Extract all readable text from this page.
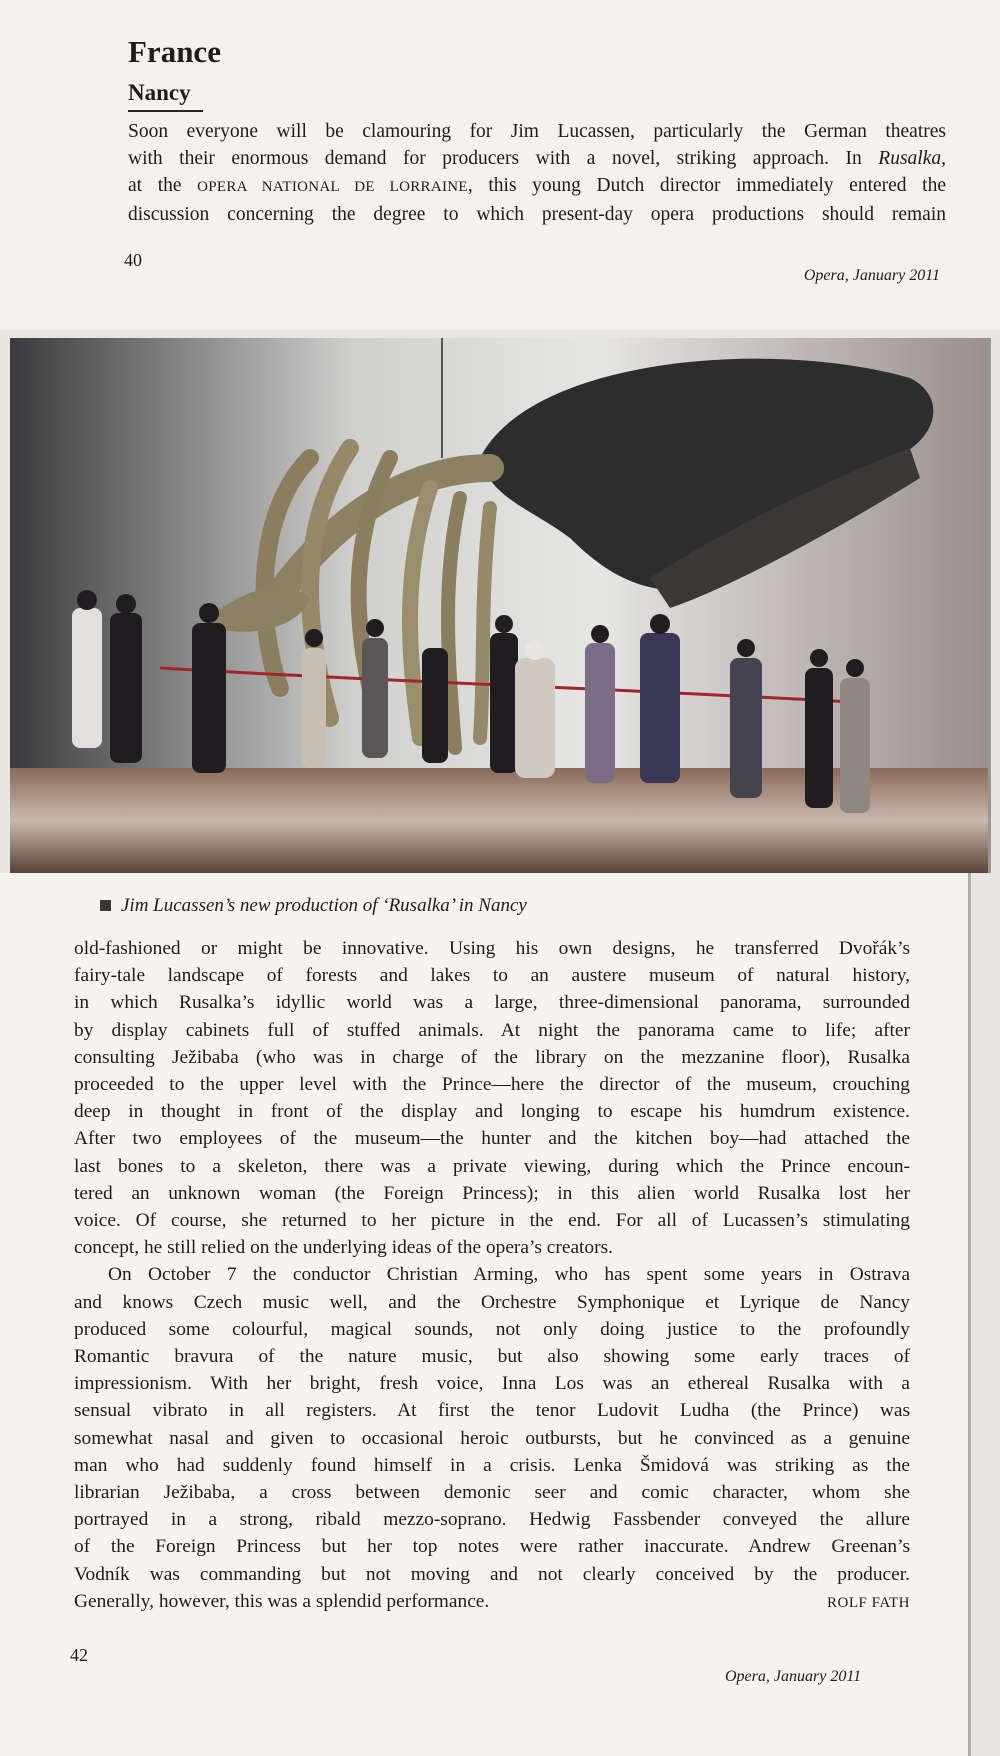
France
Nancy

Soon everyone will be clamouring for Jim Lucassen, particularly the German theatres
with their enormous demand for producers with a novel, striking approach. In Rusalka,
at the OPERA NATIONAL DE LORRAINE, this young Dutch director immediately entered the
discussion concerning the degree to which present-day opera productions should remain

40
Opera, January 2011
Jim Lucassen’s new production of ‘Rusalka’ in Nancy
old-fashioned or might be innovative. Using his own designs, he transferred Dvořák’s
fairy-tale landscape of forests and lakes to an austere museum of natural history,
in which Rusalka’s idyllic world was a large, three-dimensional panorama, surrounded
by display cabinets full of stuffed animals. At night the panorama came to life; after
consulting Ježibaba (who was in charge of the library on the mezzanine floor), Rusalka
proceeded to the upper level with the Prince—here the director of the museum, crouching
deep in thought in front of the display and longing to escape his humdrum existence.
After two employees of the museum—the hunter and the kitchen boy—had attached the
last bones to a skeleton, there was a private viewing, during which the Prince encoun-
tered an unknown woman (the Foreign Princess); in this alien world Rusalka lost her
voice. Of course, she returned to her picture in the end. For all of Lucassen’s stimulating
concept, he still relied on the underlying ideas of the opera’s creators.
On October 7 the conductor Christian Arming, who has spent some years in Ostrava
and knows Czech music well, and the Orchestre Symphonique et Lyrique de Nancy
produced some colourful, magical sounds, not only doing justice to the profoundly
Romantic bravura of the nature music, but also showing some early traces of
impressionism. With her bright, fresh voice, Inna Los was an ethereal Rusalka with a
sensual vibrato in all registers. At first the tenor Ludovit Ludha (the Prince) was
somewhat nasal and given to occasional heroic outbursts, but he convinced as a genuine
man who had suddenly found himself in a crisis. Lenka Šmidová was striking as the
librarian Ježibaba, a cross between demonic seer and comic character, whom she
portrayed in a strong, ribald mezzo-soprano. Hedwig Fassbender conveyed the allure
of the Foreign Princess but her top notes were rather inaccurate. Andrew Greenan’s
Vodník was commanding but not moving and not clearly conceived by the producer.
Generally, however, this was a splendid performance.	ROLF FATH
42
Opera, January 2011
